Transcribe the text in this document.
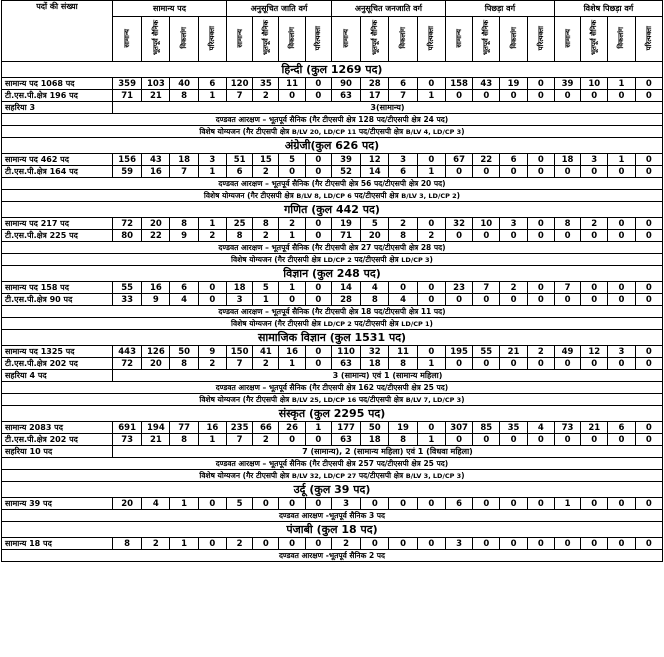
पदों की संख्या	सामान्य पद				अनुसूचित जाति वर्ग				अनुसूचित जनजाति वर्ग				पिछड़ा वर्ग				विशेष पिछड़ा वर्ग			
	सामान्य	भूतपूर्व सैनिक	विकलांग	परित्यक्ता	सामान्य	भूतपूर्व सैनिक	विकलांग	परित्यक्ता	सामान्य	भूतपूर्व सैनिक	विकलांग	परित्यक्ता	सामान्य	भूतपूर्व सैनिक	विकलांग	परित्यक्ता	सामान्य	भूतपूर्व सैनिक	विकलांग	परित्यक्ता
हिन्दी (कुल 1269 पद)																				
सामान्य पद 1068 पद	359	103	40	6	120	35	11	0	90	28	6	0	158	43	19	0	39	10	1	0
टी.एस.पी.क्षेत्र 196 पद	71	21	8	1	7	2	0	0	63	17	7	1	0	0	0	0	0	0	0	0
सहरिया 3	3(सामान्य)																			
दण्डवत आरक्षण – भूतपूर्व सैनिक (गैर टीएसपी क्षेत्र 128 पद/टीएसपी क्षेत्र 24 पद)																				
विशेष योग्यजन (गैर टीएसपी क्षेत्र B/LV 20, LD/CP 11 पद/टीएसपी क्षेत्र B/LV 4, LD/CP 3)																				
अंग्रेजी(कुल 626 पद)																				
सामान्य पद 462 पद	156	43	18	3	51	15	5	0	39	12	3	0	67	22	6	0	18	3	1	0
टी.एस.पी.क्षेत्र 164 पद	59	16	7	1	6	2	0	0	52	14	6	1	0	0	0	0	0	0	0	0
दण्डवत आरक्षण – भूतपूर्व सैनिक (गैर टीएसपी क्षेत्र 56 पद/टीएसपी क्षेत्र 20 पद)																				
विशेष योग्यजन (गैर टीएसपी क्षेत्र B/LV 8, LD/CP 6 पद/टीएसपी क्षेत्र B/LV 3, LD/CP 2)																				
गणित (कुल 442 पद)																				
सामान्य पद 217 पद	72	20	8	1	25	8	2	0	19	5	2	0	32	10	3	0	8	2	0	0
टी.एस.पी.क्षेत्र 225 पद	80	22	9	2	8	2	1	0	71	20	8	2	0	0	0	0	0	0	0	0
दण्डवत आरक्षण – भूतपूर्व सैनिक (गैर टीएसपी क्षेत्र 27 पद/टीएसपी क्षेत्र 28 पद)																				
विशेष योग्यजन (गैर टीएसपी क्षेत्र LD/CP 2 पद/टीएसपी क्षेत्र LD/CP 3)																				
विज्ञान (कुल 248 पद)																				
सामान्य पद 158 पद	55	16	6	0	18	5	1	0	14	4	0	0	23	7	2	0	7	0	0	0
टी.एस.पी.क्षेत्र 90 पद	33	9	4	0	3	1	0	0	28	8	4	0	0	0	0	0	0	0	0	0
दण्डवत आरक्षण – भूतपूर्व सैनिक (गैर टीएसपी क्षेत्र 18 पद/टीएसपी क्षेत्र 11 पद)																				
विशेष योग्यजन (गैर टीएसपी क्षेत्र LD/CP 2 पद/टीएसपी क्षेत्र LD/CP 1)																				
सामाजिक विज्ञान (कुल 1531 पद)																				
सामान्य पद 1325 पद	443	126	50	9	150	41	16	0	110	32	11	0	195	55	21	2	49	12	3	0
टी.एस.पी.क्षेत्र 202 पद	72	20	8	2	7	2	1	0	63	18	8	1	0	0	0	0	0	0	0	0
सहरिया 4 पद	3 (सामान्य) एवं 1 (सामान्य महिला)																			
दण्डवत आरक्षण – भूतपूर्व सैनिक (गैर टीएसपी क्षेत्र 162 पद/टीएसपी क्षेत्र 25 पद)																				
विशेष योग्यजन (गैर टीएसपी क्षेत्र B/LV 25, LD/CP 16 पद/टीएसपी क्षेत्र B/LV 7, LD/CP 3)																				
संस्कृत (कुल 2295 पद)																				
सामान्य 2083 पद	691	194	77	16	235	66	26	1	177	50	19	0	307	85	35	4	73	21	6	0
टी.एस.पी.क्षेत्र 202 पद	73	21	8	1	7	2	0	0	63	18	8	1	0	0	0	0	0	0	0	0
सहरिया 10 पद	7 (सामान्य), 2 (सामान्य महिला) एवं 1 (विधवा महिला)																			
दण्डवत आरक्षण – भूतपूर्व सैनिक (गैर टीएसपी क्षेत्र 257 पद/टीएसपी क्षेत्र 25 पद)																				
विशेष योग्यजन (गैर टीएसपी क्षेत्र B/LV 32, LD/CP 27 पद/टीएसपी क्षेत्र B/LV 3, LD/CP 3)																				
उर्दू (कुल 39 पद)																				
सामान्य 39 पद	20	4	1	0	5	0	0	0	3	0	0	0	6	0	0	0	1	0	0	0
दण्डवत आरक्षण -भूतपूर्व सैनिक 3 पद																				
पंजाबी (कुल 18 पद)																				
सामान्य 18 पद	8	2	1	0	2	0	0	0	2	0	0	0	3	0	0	0	0	0	0	0
दण्डवत आरक्षण -भूतपूर्व सैनिक 2 पद																				
